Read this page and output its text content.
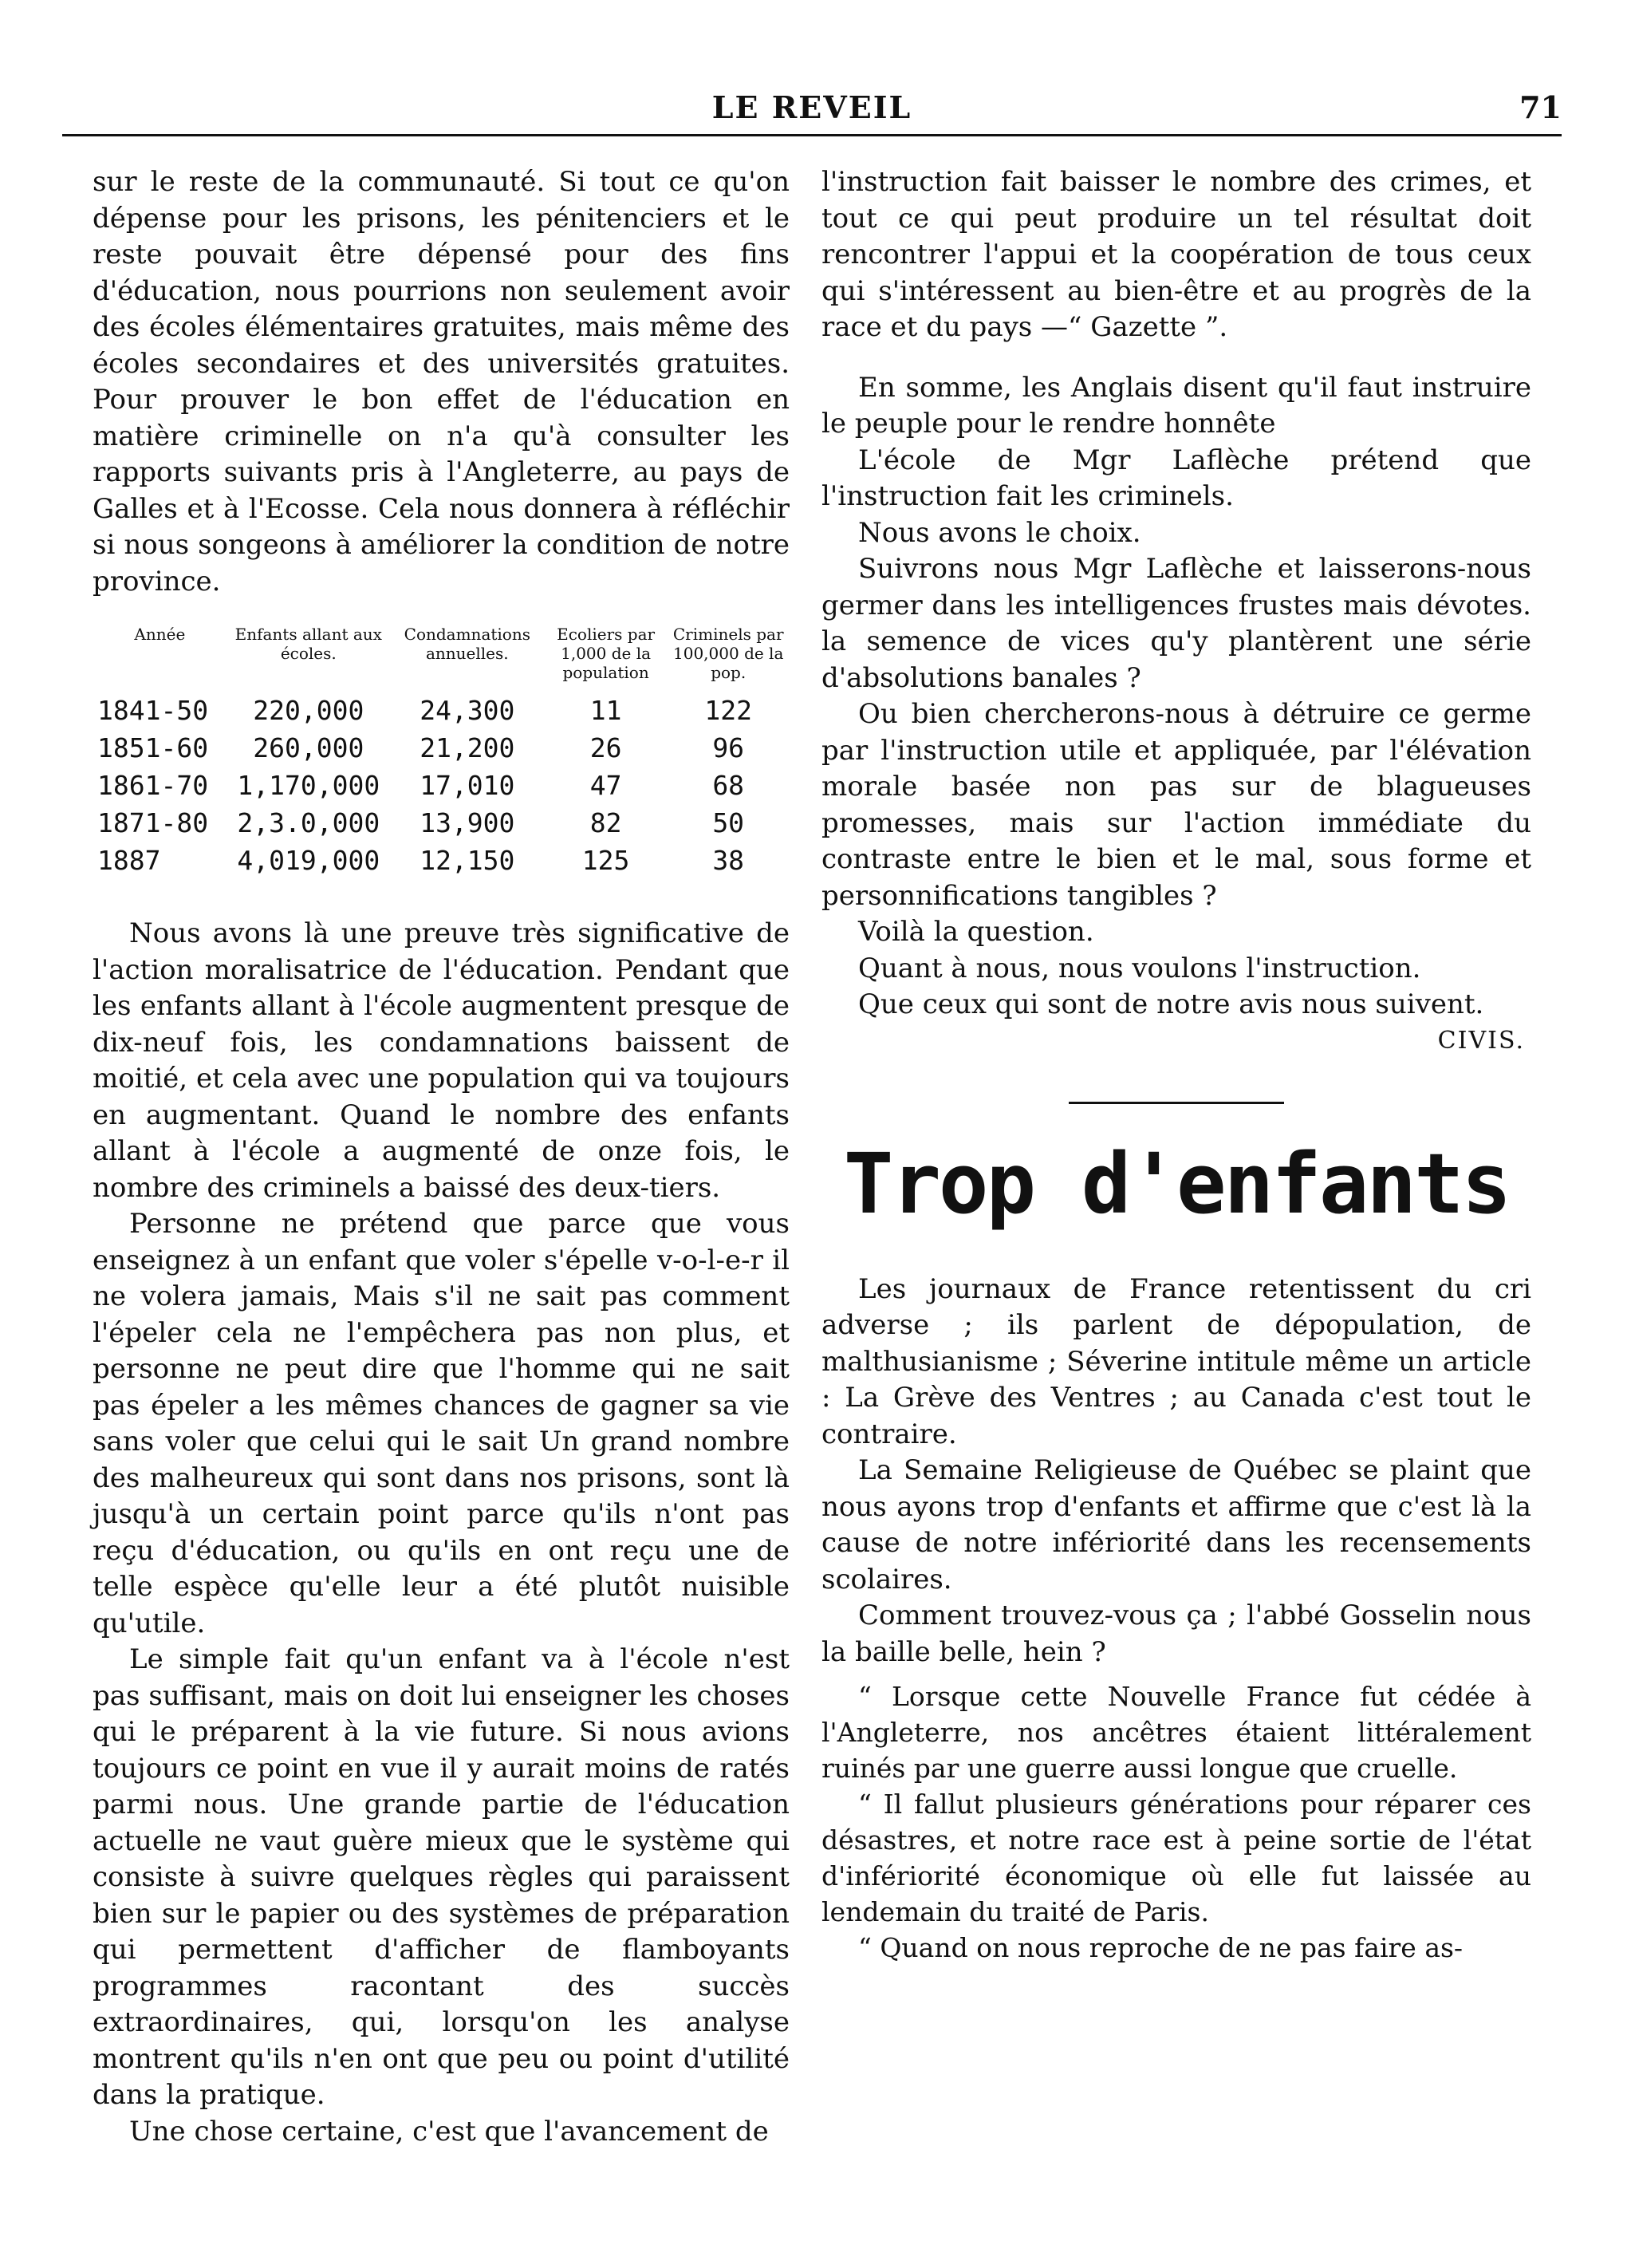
LE REVEIL	71

sur le reste de la communauté. Si tout ce qu'on dépense pour les prisons, les pénitenciers et le reste pouvait être dépensé pour des fins d'éducation, nous pourrions non seulement avoir des écoles élémentaires gratuites, mais même des écoles secondaires et des universités gratuites. Pour prouver le bon effet de l'éducation en matière criminelle on n'a qu'à consulter les rapports suivants pris à l'Angleterre, au pays de Galles et à l'Ecosse. Cela nous donnera à réfléchir si nous songeons à améliorer la condition de notre province.

Année	Enfants allant aux écoles.	Condamnations annuelles.	Ecoliers par 1,000 de la population	Criminels par 100,000 de la pop.
1841-50	220,000	24,300	11	122
1851-60	260,000	21,200	26	96
1861-70	1,170,000	17,010	47	68
1871-80	2,3.0,000	13,900	82	50
1887	4,019,000	12,150	125	38

Nous avons là une preuve très significative de l'action moralisatrice de l'éducation. Pendant que les enfants allant à l'école augmentent presque de dix-neuf fois, les condamnations baissent de moitié, et cela avec une population qui va toujours en augmentant. Quand le nombre des enfants allant à l'école a augmenté de onze fois, le nombre des criminels a baissé des deux-tiers.

Personne ne prétend que parce que vous enseignez à un enfant que voler s'épelle v-o-l-e-r il ne volera jamais, Mais s'il ne sait pas comment l'épeler cela ne l'empêchera pas non plus, et personne ne peut dire que l'homme qui ne sait pas épeler a les mêmes chances de gagner sa vie sans voler que celui qui le sait Un grand nombre des malheureux qui sont dans nos prisons, sont là jusqu'à un certain point parce qu'ils n'ont pas reçu d'éducation, ou qu'ils en ont reçu une de telle espèce qu'elle leur a été plutôt nuisible qu'utile.

Le simple fait qu'un enfant va à l'école n'est pas suffisant, mais on doit lui enseigner les choses qui le préparent à la vie future. Si nous avions toujours ce point en vue il y aurait moins de ratés parmi nous. Une grande partie de l'éducation actuelle ne vaut guère mieux que le système qui consiste à suivre quelques règles qui paraissent bien sur le papier ou des systèmes de préparation qui permettent d'afficher de flamboyants programmes racontant des succès extraordinaires, qui, lorsqu'on les analyse montrent qu'ils n'en ont que peu ou point d'utilité dans la pratique.

Une chose certaine, c'est que l'avancement de

l'instruction fait baisser le nombre des crimes, et tout ce qui peut produire un tel résultat doit rencontrer l'appui et la coopération de tous ceux qui s'intéressent au bien-être et au progrès de la race et du pays —“ Gazette ”.

En somme, les Anglais disent qu'il faut instruire le peuple pour le rendre honnête

L'école de Mgr Laflèche prétend que l'instruction fait les criminels.

Nous avons le choix.

Suivrons nous Mgr Laflèche et laisserons-nous germer dans les intelligences frustes mais dévotes. la semence de vices qu'y plantèrent une série d'absolutions banales ?

Ou bien chercherons-nous à détruire ce germe par l'instruction utile et appliquée, par l'élévation morale basée non pas sur de blagueuses promesses, mais sur l'action immédiate du contraste entre le bien et le mal, sous forme et personnifications tangibles ?

Voilà la question.

Quant à nous, nous voulons l'instruction.

Que ceux qui sont de notre avis nous suivent.

CIVIS.
Trop d'enfants

Les journaux de France retentissent du cri adverse ; ils parlent de dépopulation, de malthusianisme ; Séverine intitule même un article : La Grève des Ventres ; au Canada c'est tout le contraire.

La Semaine Religieuse de Québec se plaint que nous ayons trop d'enfants et affirme que c'est là la cause de notre infériorité dans les recensements scolaires.

Comment trouvez-vous ça ; l'abbé Gosselin nous la baille belle, hein ?

“ Lorsque cette Nouvelle France fut cédée à l'Angleterre, nos ancêtres étaient littéralement ruinés par une guerre aussi longue que cruelle.

“ Il fallut plusieurs générations pour réparer ces désastres, et notre race est à peine sortie de l'état d'infériorité économique où elle fut laissée au lendemain du traité de Paris.

“ Quand on nous reproche de ne pas faire as-
